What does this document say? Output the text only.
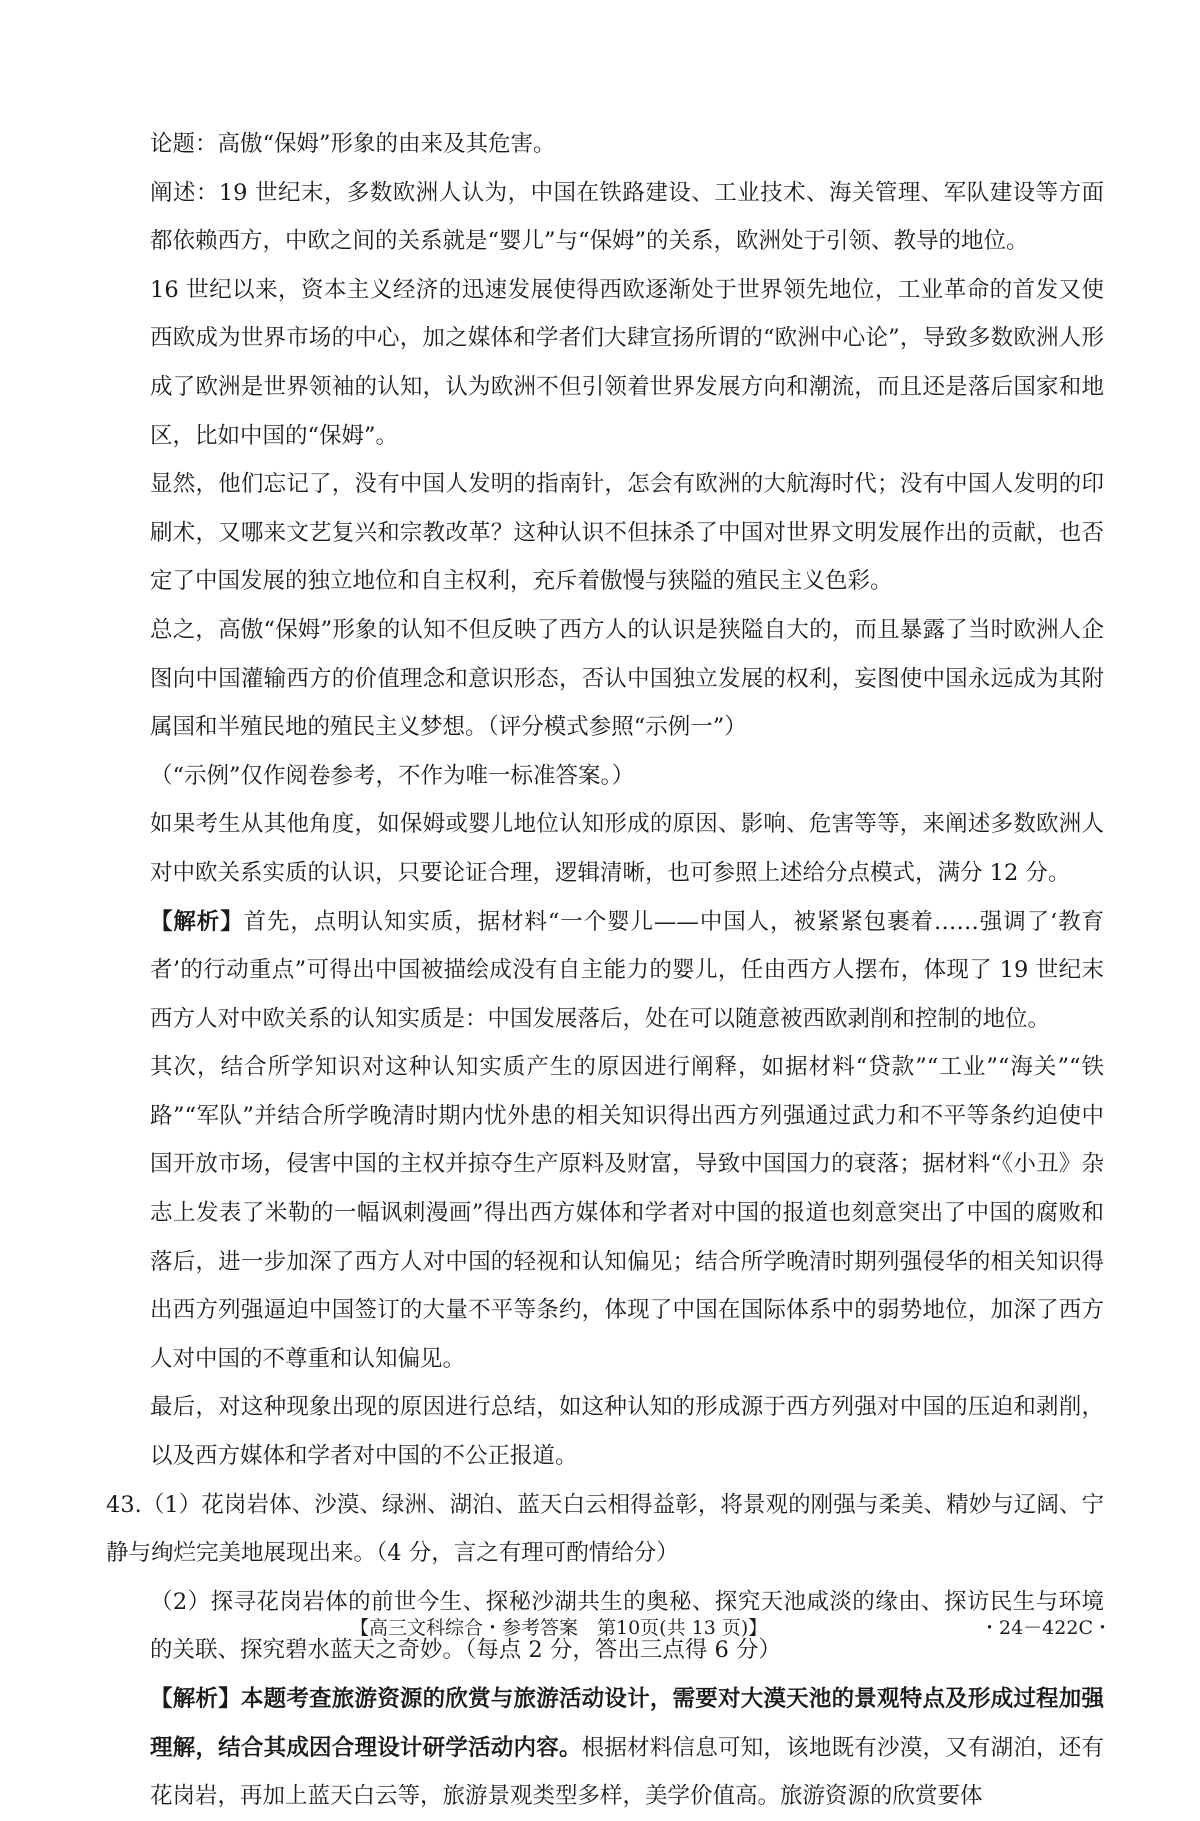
论题：高傲“保姆”形象的由来及其危害。

阐述：19 世纪末，多数欧洲人认为，中国在铁路建设、工业技术、海关管理、军队建设等方面都依赖西方，中欧之间的关系就是“婴儿”与“保姆”的关系，欧洲处于引领、教导的地位。

16 世纪以来，资本主义经济的迅速发展使得西欧逐渐处于世界领先地位，工业革命的首发又使西欧成为世界市场的中心，加之媒体和学者们大肆宣扬所谓的“欧洲中心论”，导致多数欧洲人形成了欧洲是世界领袖的认知，认为欧洲不但引领着世界发展方向和潮流，而且还是落后国家和地区，比如中国的“保姆”。

显然，他们忘记了，没有中国人发明的指南针，怎会有欧洲的大航海时代；没有中国人发明的印刷术，又哪来文艺复兴和宗教改革？这种认识不但抹杀了中国对世界文明发展作出的贡献，也否定了中国发展的独立地位和自主权利，充斥着傲慢与狭隘的殖民主义色彩。

总之，高傲“保姆”形象的认知不但反映了西方人的认识是狭隘自大的，而且暴露了当时欧洲人企图向中国灌输西方的价值理念和意识形态，否认中国独立发展的权利，妄图使中国永远成为其附属国和半殖民地的殖民主义梦想。（评分模式参照“示例一”）

（“示例”仅作阅卷参考，不作为唯一标准答案。）

如果考生从其他角度，如保姆或婴儿地位认知形成的原因、影响、危害等等，来阐述多数欧洲人对中欧关系实质的认识，只要论证合理，逻辑清晰，也可参照上述给分点模式，满分 12 分。

【解析】首先，点明认知实质，据材料“一个婴儿——中国人，被紧紧包裹着……强调了‘教育者’的行动重点”可得出中国被描绘成没有自主能力的婴儿，任由西方人摆布，体现了 19 世纪末西方人对中欧关系的认知实质是：中国发展落后，处在可以随意被西欧剥削和控制的地位。

其次，结合所学知识对这种认知实质产生的原因进行阐释，如据材料“贷款”“工业”“海关”“铁路”“军队”并结合所学晚清时期内忧外患的相关知识得出西方列强通过武力和不平等条约迫使中国开放市场，侵害中国的主权并掠夺生产原料及财富，导致中国国力的衰落；据材料“《小丑》杂志上发表了米勒的一幅讽刺漫画”得出西方媒体和学者对中国的报道也刻意突出了中国的腐败和落后，进一步加深了西方人对中国的轻视和认知偏见；结合所学晚清时期列强侵华的相关知识得出西方列强逼迫中国签订的大量不平等条约，体现了中国在国际体系中的弱势地位，加深了西方人对中国的不尊重和认知偏见。

最后，对这种现象出现的原因进行总结，如这种认知的形成源于西方列强对中国的压迫和剥削，以及西方媒体和学者对中国的不公正报道。

43.（1）花岗岩体、沙漠、绿洲、湖泊、蓝天白云相得益彰，将景观的刚强与柔美、精妙与辽阔、宁静与绚烂完美地展现出来。（4 分，言之有理可酌情给分）

（2）探寻花岗岩体的前世今生、探秘沙湖共生的奥秘、探究天池咸淡的缘由、探访民生与环境的关联、探究碧水蓝天之奇妙。（每点 2 分，答出三点得 6 分）

【解析】本题考查旅游资源的欣赏与旅游活动设计，需要对大漠天池的景观特点及形成过程加强理解，结合其成因合理设计研学活动内容。根据材料信息可知，该地既有沙漠，又有湖泊，还有花岗岩，再加上蓝天白云等，旅游景观类型多样，美学价值高。旅游资源的欣赏要体

【高三文科综合・参考答案　第10页(共 13 页)】	・24－422C・
